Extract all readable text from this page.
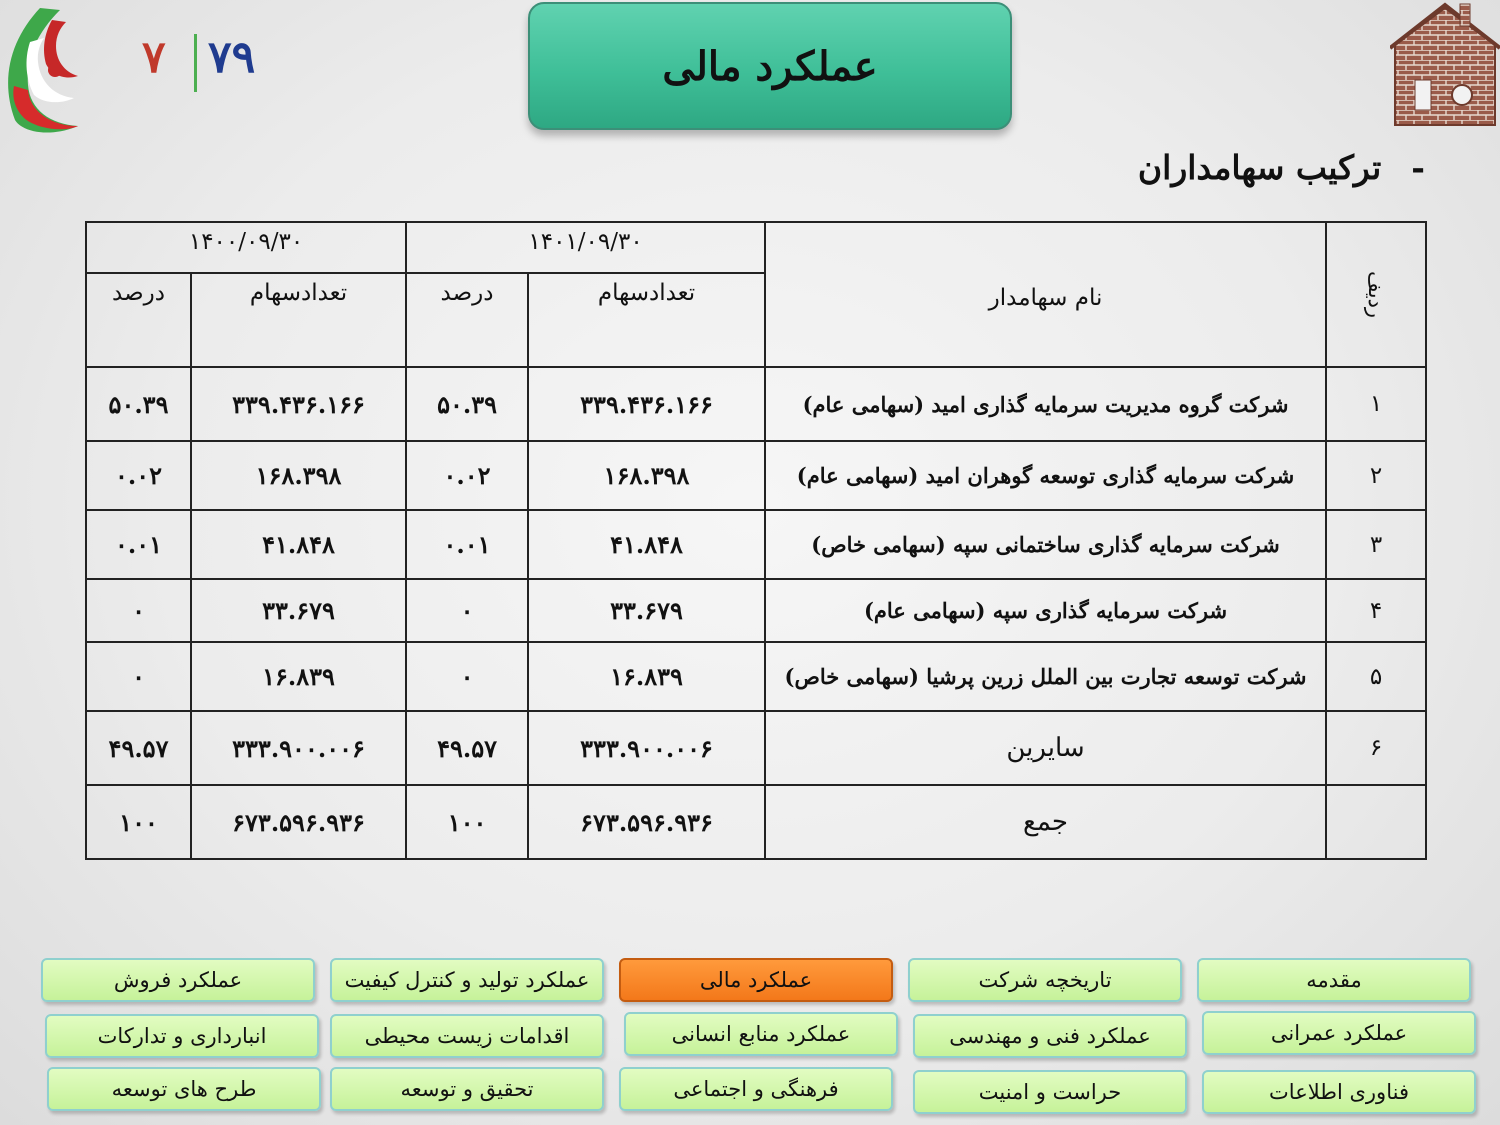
۷ ۷۹	عملکرد مالی
-ترکیب سهامداران
ردیف	نام سهامدار	۱۴۰۱/۰۹/۳۰		۱۴۰۰/۰۹/۳۰	
		تعدادسهام	درصد	تعدادسهام	درصد
۱	شرکت گروه مدیریت سرمایه گذاری امید (سهامی عام)	۳۳۹.۴۳۶.۱۶۶	۵۰.۳۹	۳۳۹.۴۳۶.۱۶۶	۵۰.۳۹
۲	شرکت سرمایه گذاری توسعه گوهران امید (سهامی عام)	۱۶۸.۳۹۸	۰.۰۲	۱۶۸.۳۹۸	۰.۰۲
۳	شرکت سرمایه گذاری ساختمانی سپه (سهامی خاص)	۴۱.۸۴۸	۰.۰۱	۴۱.۸۴۸	۰.۰۱
۴	شرکت سرمایه گذاری سپه (سهامی عام)	۳۳.۶۷۹	۰	۳۳.۶۷۹	۰
۵	شرکت توسعه تجارت بین الملل زرین پرشیا (سهامی خاص)	۱۶.۸۳۹	۰	۱۶.۸۳۹	۰
۶	سایرین	۳۳۳.۹۰۰.۰۰۶	۴۹.۵۷	۳۳۳.۹۰۰.۰۰۶	۴۹.۵۷
	جمع	۶۷۳.۵۹۶.۹۳۶	۱۰۰	۶۷۳.۵۹۶.۹۳۶	۱۰۰
مقدمه
تاریخچه شرکت
عملکرد مالی
عملکرد تولید و کنترل کیفیت
عملکرد فروش
عملکرد عمرانی
عملکرد فنی و مهندسی
عملکرد منابع انسانی
اقدامات زیست محیطی
انبارداری و تدارکات
فناوری اطلاعات
حراست و امنیت
فرهنگی و اجتماعی
تحقیق و توسعه
طرح های توسعه
